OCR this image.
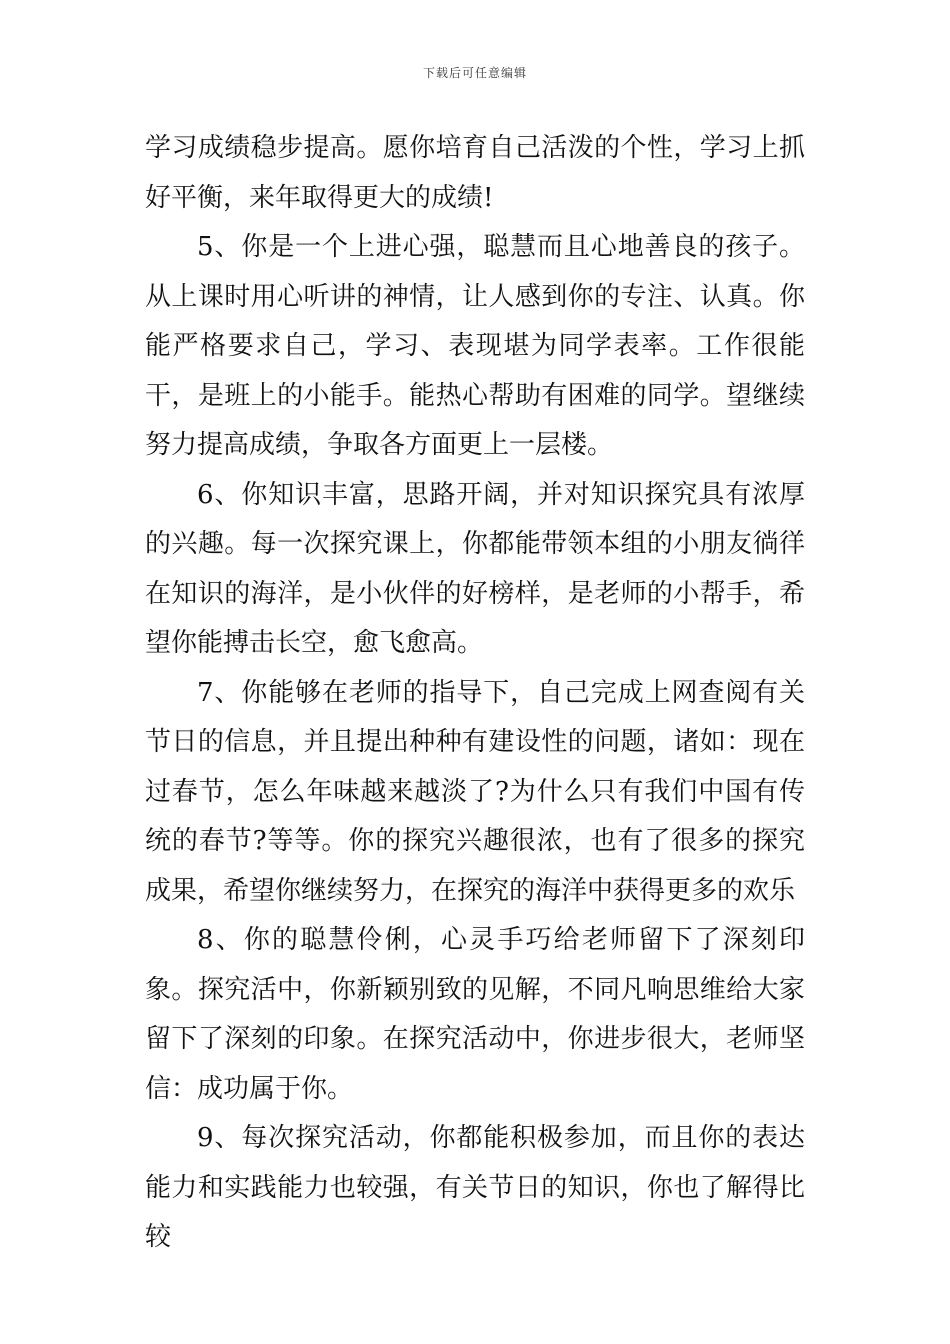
下载后可任意编辑

学习成绩稳步提高。愿你培育自己活泼的个性，学习上抓好平衡，来年取得更大的成绩!

5、你是一个上进心强，聪慧而且心地善良的孩子。从上课时用心听讲的神情，让人感到你的专注、认真。你能严格要求自己，学习、表现堪为同学表率。工作很能干，是班上的小能手。能热心帮助有困难的同学。望继续努力提高成绩，争取各方面更上一层楼。

6、你知识丰富，思路开阔，并对知识探究具有浓厚的兴趣。每一次探究课上，你都能带领本组的小朋友徜徉在知识的海洋，是小伙伴的好榜样，是老师的小帮手，希望你能搏击长空，愈飞愈高。

7、你能够在老师的指导下，自己完成上网查阅有关节日的信息，并且提出种种有建设性的问题，诸如：现在过春节，怎么年味越来越淡了?为什么只有我们中国有传统的春节?等等。你的探究兴趣很浓，也有了很多的探究成果，希望你继续努力，在探究的海洋中获得更多的欢乐

8、你的聪慧伶俐，心灵手巧给老师留下了深刻印象。探究活中，你新颖别致的见解，不同凡响思维给大家留下了深刻的印象。在探究活动中，你进步很大，老师坚信：成功属于你。

9、每次探究活动，你都能积极参加，而且你的表达能力和实践能力也较强，有关节日的知识，你也了解得比较
